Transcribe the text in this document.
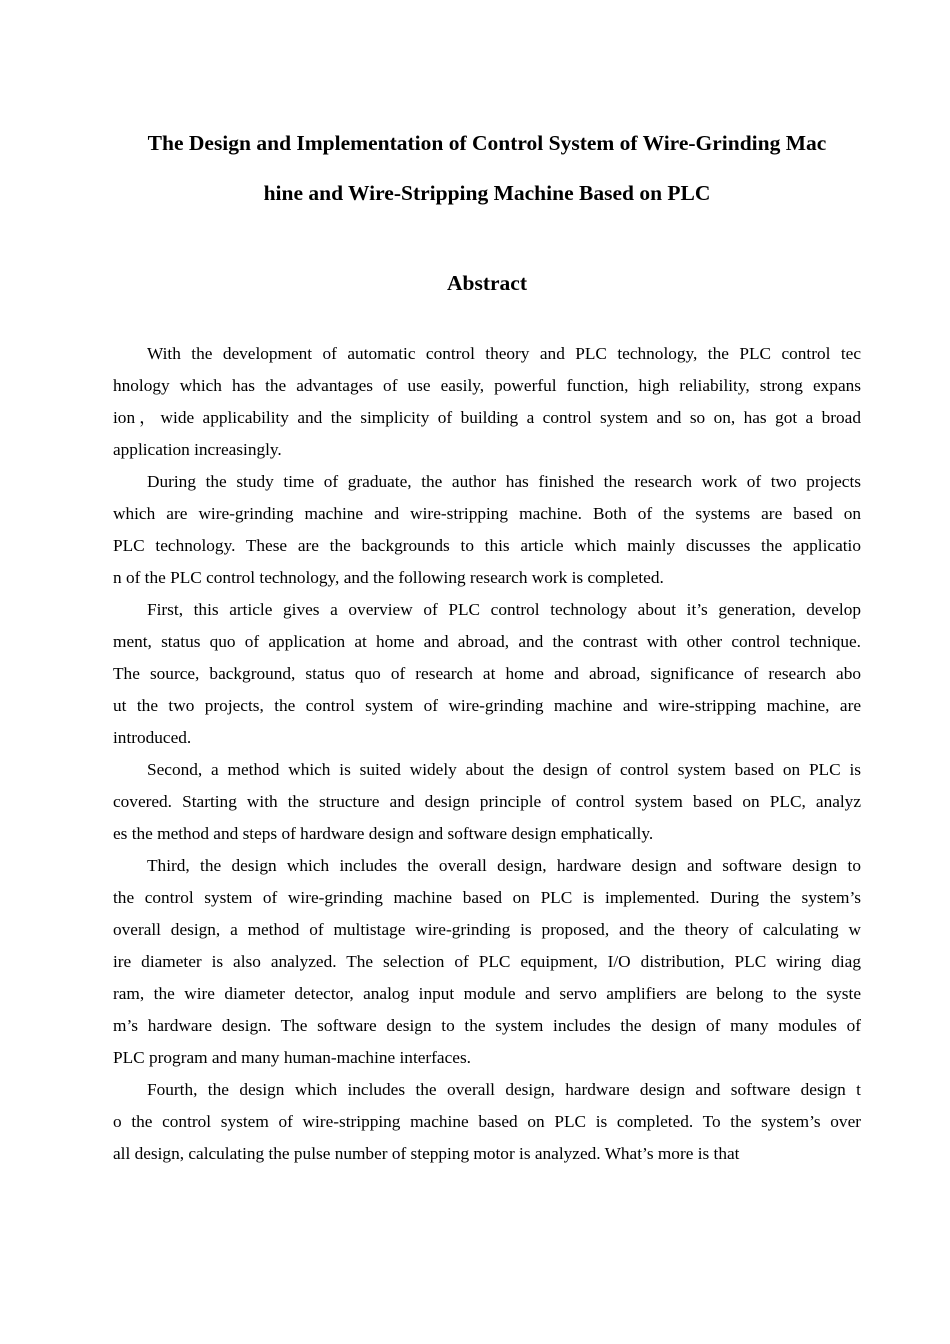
The Design and Implementation of Control System of Wire-Grinding Mac
hine and Wire-Stripping Machine Based on PLC
Abstract
With the development of automatic control theory and PLC technology, the PLC control tec
hnology which has the advantages of use easily, powerful function, high reliability, strong expans
ion，wide applicability and the simplicity of building a control system and so on, has got a broad
application increasingly.
During the study time of graduate, the author has finished the research work of two projects
which are wire-grinding machine and wire-stripping machine. Both of the systems are based on
PLC technology. These are the backgrounds to this article which mainly discusses the applicatio
n of the PLC control technology, and the following research work is completed.
First, this article gives a overview of PLC control technology about it’s generation, develop
ment, status quo of application at home and abroad, and the contrast with other control technique.
The source, background, status quo of research at home and abroad, significance of research abo
ut the two projects, the control system of wire-grinding machine and wire-stripping machine, are
introduced.
Second, a method which is suited widely about the design of control system based on PLC is
covered. Starting with the structure and design principle of control system based on PLC, analyz
es the method and steps of hardware design and software design emphatically.
Third, the design which includes the overall design, hardware design and software design to
the control system of wire-grinding machine based on PLC is implemented. During the system’s
overall design, a method of multistage wire-grinding is proposed, and the theory of calculating w
ire diameter is also analyzed. The selection of PLC equipment, I/O distribution, PLC wiring diag
ram, the wire diameter detector, analog input module and servo amplifiers are belong to the syste
m’s hardware design. The software design to the system includes the design of many modules of
PLC program and many human-machine interfaces.
Fourth, the design which includes the overall design, hardware design and software design t
o the control system of wire-stripping machine based on PLC is completed. To the system’s over
all design, calculating the pulse number of stepping motor is analyzed. What’s more is that
